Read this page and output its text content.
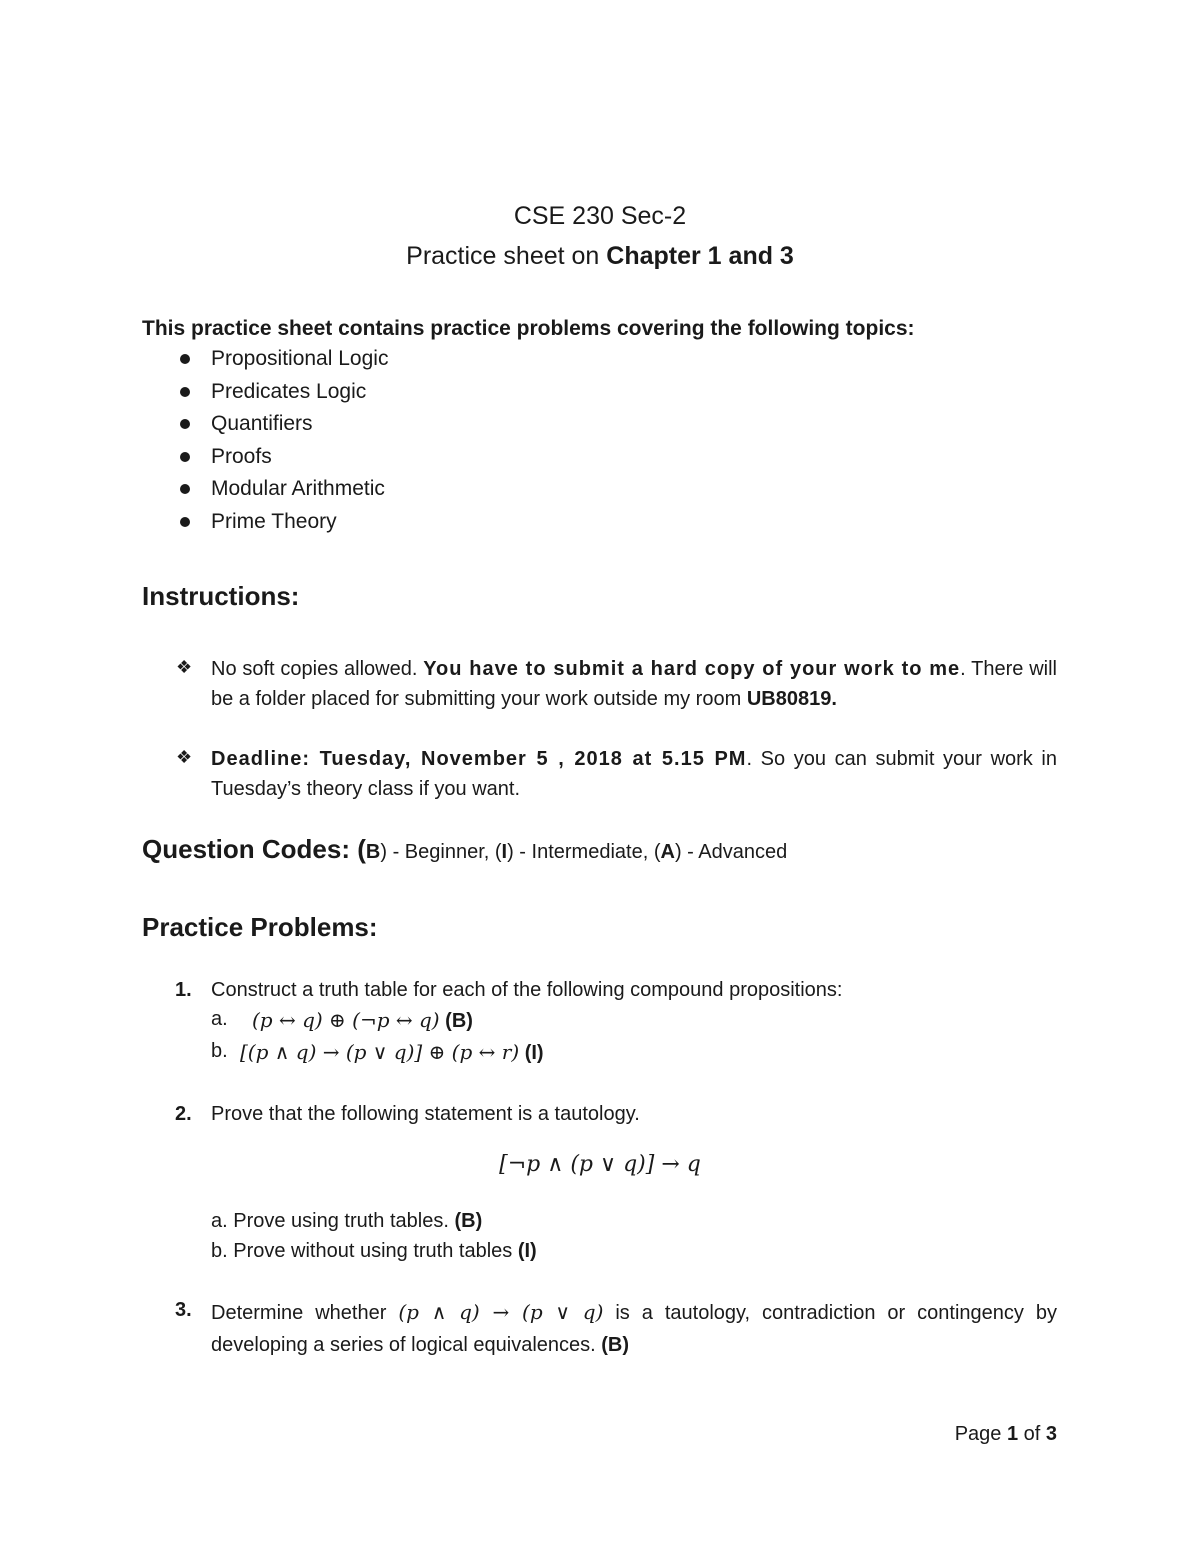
CSE 230 Sec-2
Practice sheet on Chapter 1 and 3
This practice sheet contains practice problems covering the following topics:
Propositional Logic
Predicates Logic
Quantifiers
Proofs
Modular Arithmetic
Prime Theory
Instructions:
❖ No soft copies allowed. You have to submit a hard copy of your work to me. There will be a folder placed for submitting your work outside my room UB80819.
❖ Deadline: Tuesday, November 5 , 2018 at 5.15 PM. So you can submit your work in Tuesday’s theory class if you want.
Question Codes: (B) - Beginner, (I) - Intermediate, (A) - Advanced
Practice Problems:
1. Construct a truth table for each of the following compound propositions:
a. (p ↔ q) ⊕ (¬p ↔ q) (B)
b. [(p ∧ q) → (p ∨ q)] ⊕ (p ↔ r) (I)
2. Prove that the following statement is a tautology.
[¬p ∧ (p ∨ q)] → q
a. Prove using truth tables. (B)
b. Prove without using truth tables (I)
3. Determine whether (p ∧ q) → (p ∨ q) is a tautology, contradiction or contingency by developing a series of logical equivalences. (B)
Page 1 of 3
